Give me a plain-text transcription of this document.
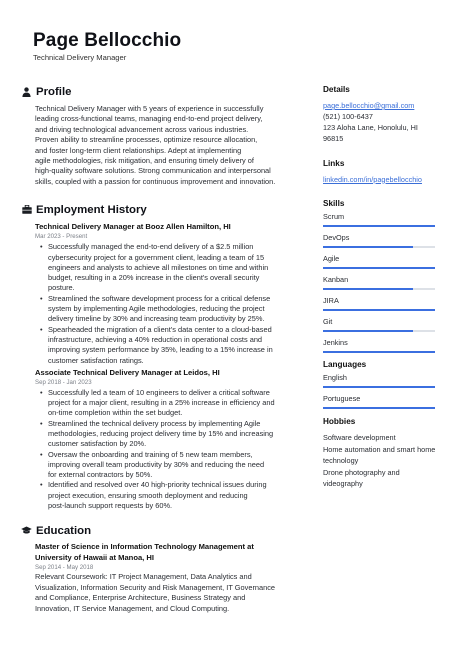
Page Bellocchio
Technical Delivery Manager
Profile
Technical Delivery Manager with 5 years of experience in successfully
leading cross-functional teams, managing end-to-end project delivery,
and driving technological advancement across various industries.
Proven ability to streamline processes, optimize resource allocation,
and foster long-term client relationships. Adept at implementing
agile methodologies, risk mitigation, and ensuring timely delivery of
high-quality software solutions. Strong communication and interpersonal
skills, coupled with a passion for continuous improvement and innovation.
Employment History
Technical Delivery Manager at Booz Allen Hamilton, HI
Mar 2023 - Present
• Successfully managed the end-to-end delivery of a $2.5 million
cybersecurity project for a government client, leading a team of 15
engineers and analysts to achieve all milestones on time and within
budget, resulting in a 20% increase in the client's overall security
posture.
• Streamlined the software development process for a critical defense
system by implementing Agile methodologies, reducing the project
delivery timeline by 30% and increasing team productivity by 25%.
• Spearheaded the migration of a client's data center to a cloud-based
infrastructure, achieving a 40% reduction in operational costs and
improving system performance by 35%, leading to a 15% increase in
customer satisfaction ratings.
Associate Technical Delivery Manager at Leidos, HI
Sep 2018 - Jan 2023
• Successfully led a team of 10 engineers to deliver a critical software
project for a major client, resulting in a 25% increase in efficiency and
on-time completion within the set budget.
• Streamlined the technical delivery process by implementing Agile
methodologies, reducing project delivery time by 15% and increasing
customer satisfaction by 20%.
• Oversaw the onboarding and training of 5 new team members,
improving overall team productivity by 30% and reducing the need
for external contractors by 50%.
• Identified and resolved over 40 high-priority technical issues during
project execution, ensuring smooth deployment and reducing
post-launch support requests by 60%.
Education
Master of Science in Information Technology Management at
University of Hawaii at Manoa, HI
Sep 2014 - May 2018
Relevant Coursework: IT Project Management, Data Analytics and
Visualization, Information Security and Risk Management, IT Governance
and Compliance, Enterprise Architecture, Business Strategy and
Innovation, IT Service Management, and Cloud Computing.
Details
page.bellocchio@gmail.com
(521) 100-6437
123 Aloha Lane, Honolulu, HI 96815
Links
linkedin.com/in/pagebellocchio
Skills
Scrum
DevOps
Agile
Kanban
JIRA
Git
Jenkins
Languages
English
Portuguese
Hobbies
Software development
Home automation and smart home
technology
Drone photography and
videography
